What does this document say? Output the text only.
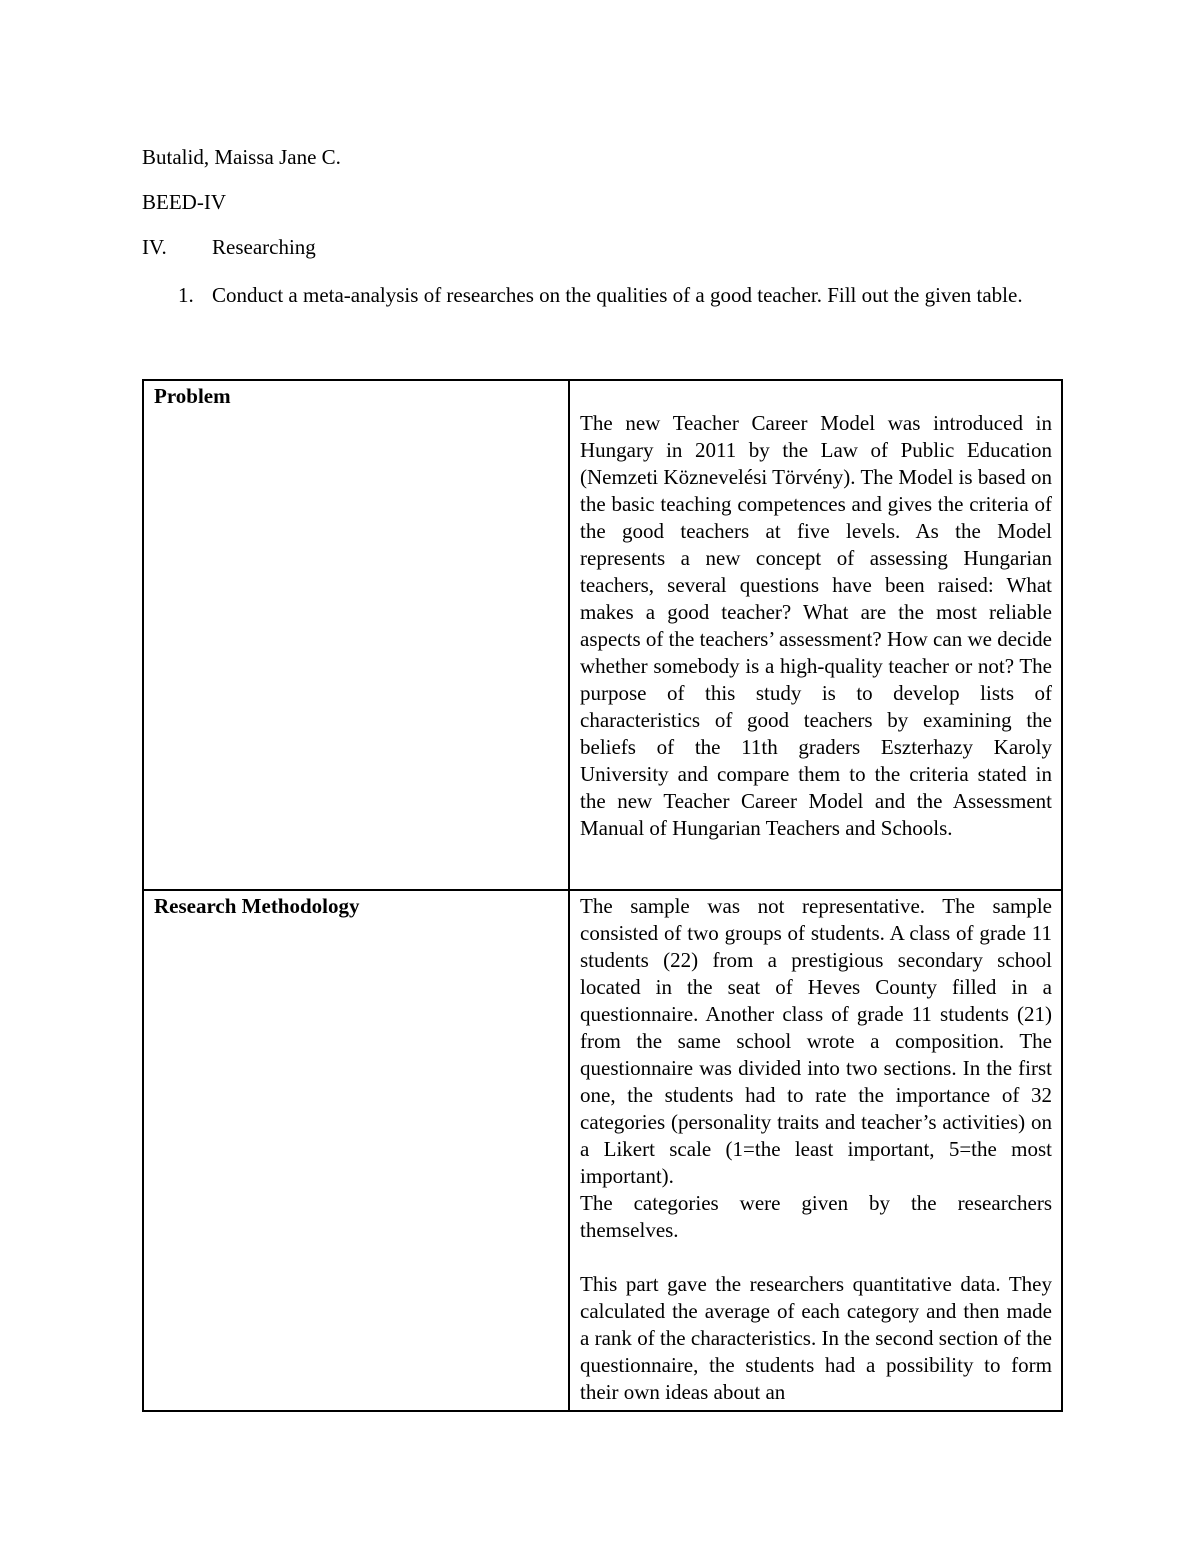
Butalid, Maissa Jane C.
BEED-IV
IV. Researching
1. Conduct a meta-analysis of researches on the qualities of a good teacher. Fill out the given table.
Problem	The new Teacher Career Model was introduced in Hungary in 2011 by the Law of Public Education (Nemzeti Köznevelési Törvény). The Model is based on the basic teaching competences and gives the criteria of the good teachers at five levels. As the Model represents a new concept of assessing Hungarian teachers, several questions have been raised: What makes a good teacher? What are the most reliable aspects of the teachers’ assessment? How can we decide whether somebody is a high-quality teacher or not? The purpose of this study is to develop lists of characteristics of good teachers by examining the beliefs of the 11th graders Eszterhazy Karoly University and compare them to the criteria stated in the new Teacher Career Model and the Assessment Manual of Hungarian Teachers and Schools.

Research Methodology	The sample was not representative. The sample consisted of two groups of students. A class of grade 11 students (22) from a prestigious secondary school located in the seat of Heves County filled in a questionnaire. Another class of grade 11 students (21) from the same school wrote a composition. The questionnaire was divided into two sections. In the first one, the students had to rate the importance of 32 categories (personality traits and teacher’s activities) on a Likert scale (1=the least important, 5=the most important).

The categories were given by the researchers themselves.

This part gave the researchers quantitative data. They calculated the average of each category and then made a rank of the characteristics. In the second section of the questionnaire, the students had a possibility to form their own ideas about an
